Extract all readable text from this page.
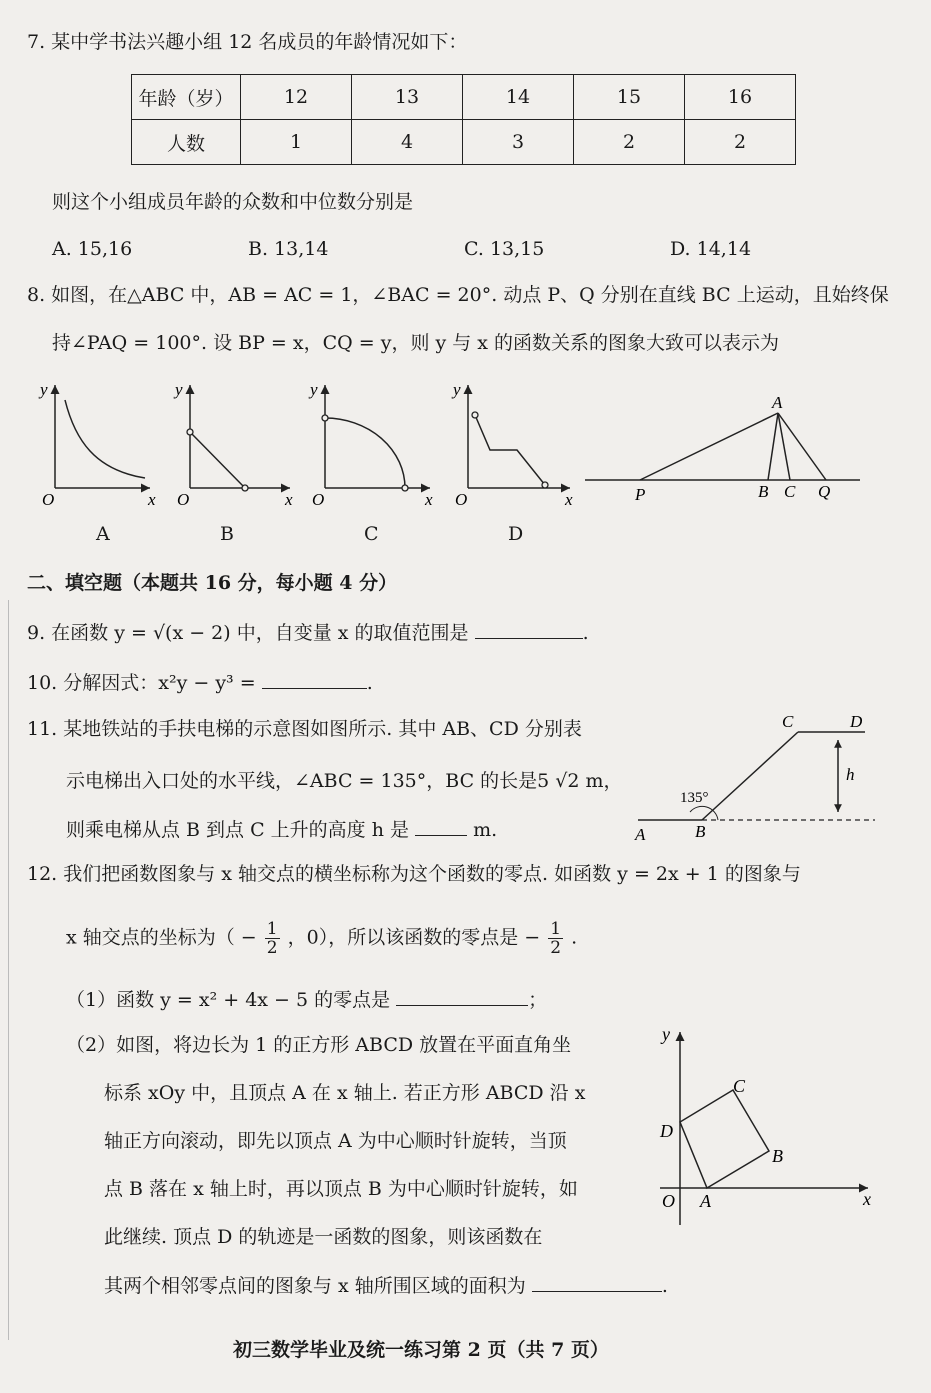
7. 某中学书法兴趣小组 12 名成员的年龄情况如下：
年龄（岁）	12	13	14	15	16
人数	1	4	3	2	2
则这个小组成员年龄的众数和中位数分别是
A. 15,16	B. 13,14	C. 13,15	D. 14,14
8. 如图，在△ABC 中，AB = AC = 1，∠BAC = 20°. 动点 P、Q 分别在直线 BC 上运动，且始终保
持∠PAQ = 100°. 设 BP = x，CQ = y，则 y 与 x 的函数关系的图象大致可以表示为
y
x
O
y
x
O
y
x
O
y
x
O
A
P	B C Q
A	B	C	D
二、填空题（本题共 16 分，每小题 4 分）
9. 在函数 y = √(x − 2) 中，自变量 x 的取值范围是	.
10. 分解因式：x²y − y³ =	.
11. 某地铁站的手扶电梯的示意图如图所示. 其中 AB、CD 分别表
示电梯出入口处的水平线，∠ABC = 135°，BC 的长是5 √2 m，
则乘电梯从点 B 到点 C 上升的高度 h 是	m.
135°
A	B
C	D
h
12. 我们把函数图象与 x 轴交点的横坐标称为这个函数的零点. 如函数 y = 2x + 1 的图象与
x 轴交点的坐标为（ − $\frac{1}{2}$ ，0），所以该函数的零点是 − $\frac{1}{2}$ .
（1）函数 y = x² + 4x − 5 的零点是	；
（2）如图，将边长为 1 的正方形 ABCD 放置在平面直角坐
标系 xOy 中，且顶点 A 在 x 轴上. 若正方形 ABCD 沿 x
轴正方向滚动，即先以顶点 A 为中心顺时针旋转，当顶
点 B 落在 x 轴上时，再以顶点 B 为中心顺时针旋转，如
此继续. 顶点 D 的轨迹是一函数的图象，则该函数在
其两个相邻零点间的图象与 x 轴所围区域的面积为	.
y
x
O A
B
C
D
初三数学毕业及统一练习第 2 页（共 7 页）
